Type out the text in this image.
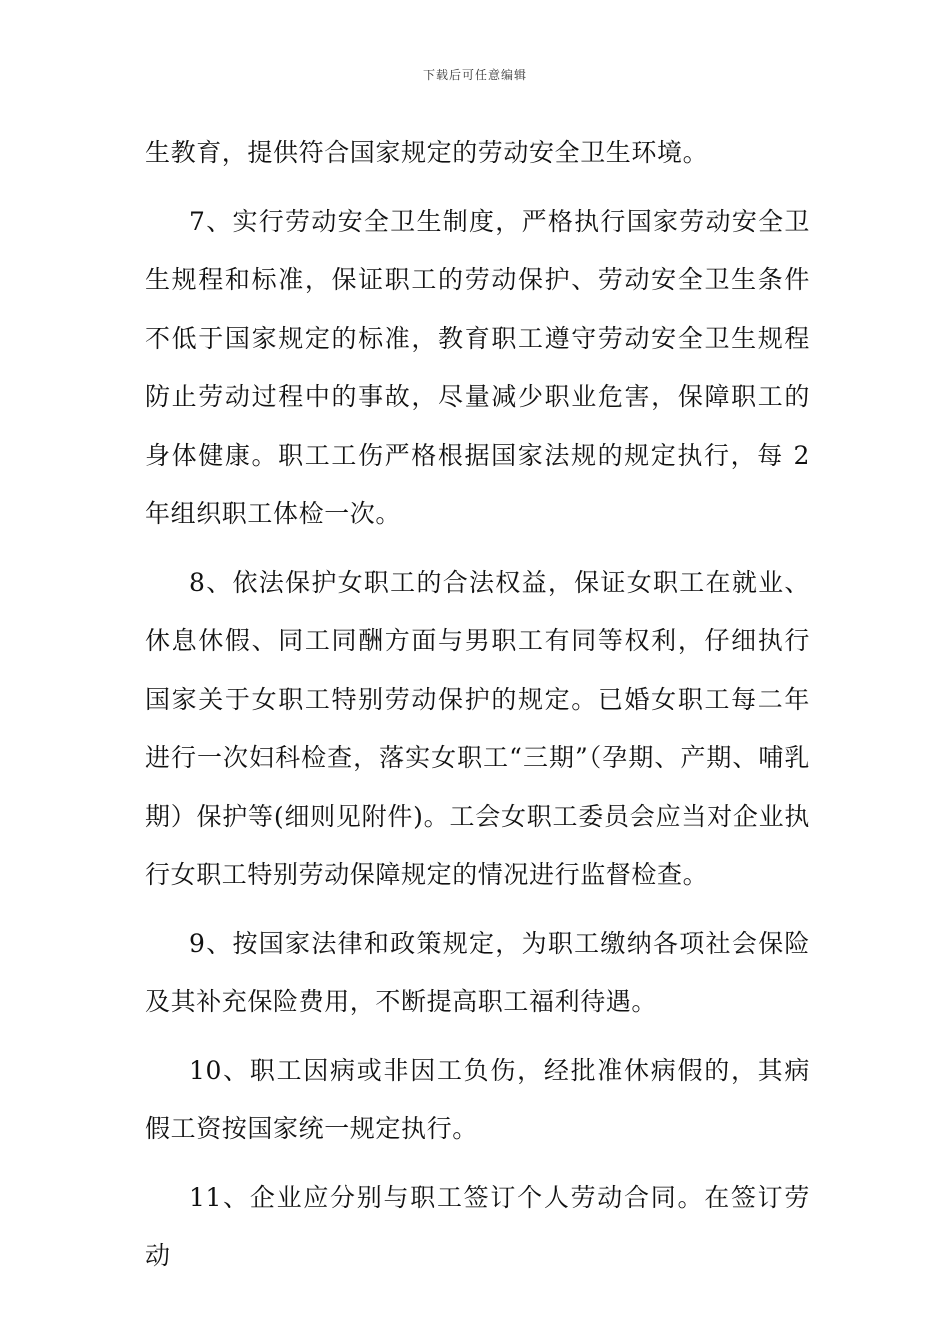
下载后可任意编辑

生教育，提供符合国家规定的劳动安全卫生环境。

7、实行劳动安全卫生制度，严格执行国家劳动安全卫生规程和标准，保证职工的劳动保护、劳动安全卫生条件不低于国家规定的标准，教育职工遵守劳动安全卫生规程防止劳动过程中的事故，尽量减少职业危害，保障职工的身体健康。职工工伤严格根据国家法规的规定执行，每 2 年组织职工体检一次。

8、依法保护女职工的合法权益，保证女职工在就业、休息休假、同工同酬方面与男职工有同等权利，仔细执行国家关于女职工特别劳动保护的规定。已婚女职工每二年进行一次妇科检查，落实女职工“三期”（孕期、产期、哺乳期）保护等(细则见附件)。工会女职工委员会应当对企业执行女职工特别劳动保障规定的情况进行监督检查。

9、按国家法律和政策规定，为职工缴纳各项社会保险及其补充保险费用，不断提高职工福利待遇。

10、职工因病或非因工负伤，经批准休病假的，其病假工资按国家统一规定执行。

11、企业应分别与职工签订个人劳动合同。在签订劳动
